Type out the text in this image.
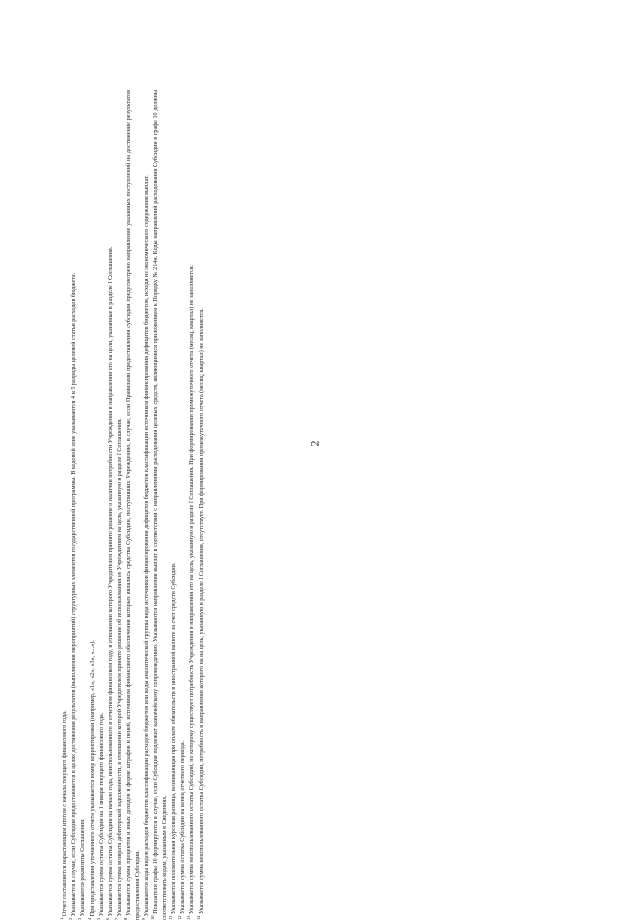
2
$^1$ Отчет составляется нарастающим итогом с начала текущего финансового года.
$^2$ Указывается в случае, если Субсидия предоставляется в целях достижения результатов (выполнения мероприятий) структурных элементов государственной программы. В кодовой зоне указываются 4 и 5 разряды целевой статьи расходов бюджета.
$^3$ Указываются реквизиты Соглашения.
$^4$ При представлении уточненного отчета указывается номер корректировки (например, «1», «2», «3», «...»).
$^5$ Указывается сумма остатка Субсидии на 1 января текущего финансового года.
$^6$ Указывается сумма остатка Субсидии на начало года, неиспользованного в отчетном финансовом году, в отношении которого Учредителем принято решение о наличии потребности Учреждения в направлении его на цели, указанные в разделе I Соглашения.
$^7$ Указывается сумма возврата дебиторской задолженности, в отношении которой Учредителем принято решение об использовании ее Учреждением на цель, указанную в разделе I Соглашения.
$^8$ Указывается сумма процентов и иных доходов в форме штрафов и пеней, источником финансового обеспечения которых являлись средства Субсидии, поступивших Учреждению, в случае, если Правилами предоставления субсидии предусмотрено направление указанных поступлений на достижение результатов предоставления Субсидии. $^9$ Указываются коды видов расходов бюджетов классификации расходов бюджетов или коды аналитической группы вида источников финансирования дефицитов бюджетов классификации источников финансирования дефицитов бюджетов, исходя из экономического содержания выплат.
$^{10}$ Показатели графы 10 формируются в случае, если Субсидия подлежит казначейскому сопровождению. Указываются направления выплат в соответствии с направлениями расходования целевых средств, являющимися приложением к Порядку № 214н. Коды направлений расходования Субсидии в графе 10 должны соответствовать кодам, указанным в Сведениях. $^{11}$ Указывается положительная курсовая разница, возникающая при оплате обязательств в иностранной валюте за счет средств Субсидии.
$^{12}$ Указывается сумма остатка Субсидии на конец отчетного периода.
$^{13}$ Указывается сумма неиспользованного остатка Субсидии, по которому существует потребность Учреждения в направлении его на цель, указанную в разделе I Соглашения. При формировании промежуточного отчета (месяц, квартал) не заполняется.
$^{14}$ Указывается сумма неиспользованного остатка Субсидии, потребность в направлении которого на на цель, указанную в разделе I Соглашения, отсутствует. При формировании промежуточного отчета (месяц, квартал) не заполняется.
